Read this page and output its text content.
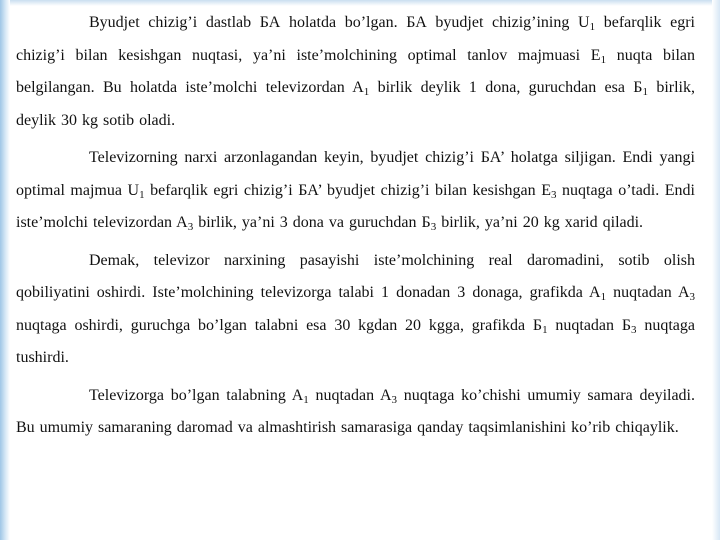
Byudjet chizig’i dastlab БА holatda bo’lgan. БА byudjet chizig’ining $U_1$ befarqlik egri chizig’i bilan kesishgan nuqtasi, ya’ni iste’molchining optimal tanlov majmuasi $E_1$ nuqta bilan belgilangan. Bu holatda iste’molchi televizordan $A_1$ birlik deylik 1 dona, guruchdan esa $Б_1$ birlik, deylik 30 kg sotib oladi.

Televizorning narxi arzonlagandan keyin, byudjet chizig’i БА’ holatga siljigan. Endi yangi optimal majmua $U_1$ befarqlik egri chizig’i БА’ byudjet chizig’i bilan kesishgan $E_3$ nuqtaga o’tadi. Endi iste’molchi televizordan $A_3$ birlik, ya’ni 3 dona va guruchdan $Б_3$ birlik, ya’ni 20 kg xarid qiladi.

Demak, televizor narxining pasayishi iste’molchining real daromadini, sotib olish qobiliyatini oshirdi. Iste’molchining televizorga talabi 1 donadan 3 donaga, grafikda $A_1$ nuqtadan $A_3$ nuqtaga oshirdi, guruchga bo’lgan talabni esa 30 kgdan 20 kgga, grafikda $Б_1$ nuqtadan $Б_3$ nuqtaga tushirdi.

Televizorga bo’lgan talabning $A_1$ nuqtadan $A_3$ nuqtaga ko’chishi umumiy samara deyiladi. Bu umumiy samaraning daromad va almashtirish samarasiga qanday taqsimlanishini ko’rib chiqaylik.
